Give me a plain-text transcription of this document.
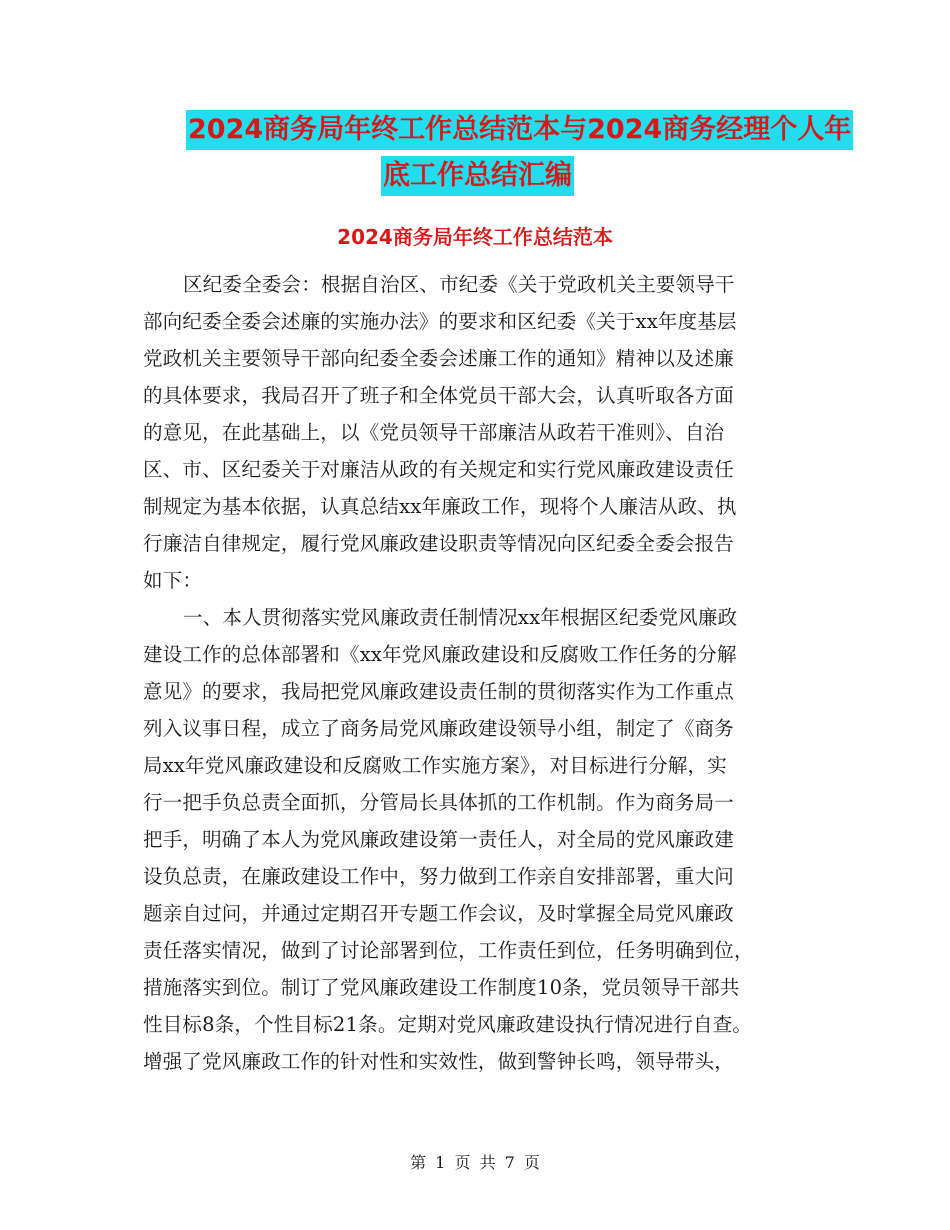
2024商务局年终工作总结范本与2024商务经理个人年
底工作总结汇编
2024商务局年终工作总结范本
区纪委全委会：根据自治区、市纪委《关于党政机关主要领导干
部向纪委全委会述廉的实施办法》的要求和区纪委《关于xx年度基层
党政机关主要领导干部向纪委全委会述廉工作的通知》精神以及述廉
的具体要求，我局召开了班子和全体党员干部大会，认真听取各方面
的意见，在此基础上，以《党员领导干部廉洁从政若干准则》、自治
区、市、区纪委关于对廉洁从政的有关规定和实行党风廉政建设责任
制规定为基本依据，认真总结xx年廉政工作，现将个人廉洁从政、执
行廉洁自律规定，履行党风廉政建设职责等情况向区纪委全委会报告
如下：
一、本人贯彻落实党风廉政责任制情况xx年根据区纪委党风廉政
建设工作的总体部署和《xx年党风廉政建设和反腐败工作任务的分解
意见》的要求，我局把党风廉政建设责任制的贯彻落实作为工作重点
列入议事日程，成立了商务局党风廉政建设领导小组，制定了《商务
局xx年党风廉政建设和反腐败工作实施方案》，对目标进行分解，实
行一把手负总责全面抓，分管局长具体抓的工作机制。作为商务局一
把手，明确了本人为党风廉政建设第一责任人，对全局的党风廉政建
设负总责，在廉政建设工作中，努力做到工作亲自安排部署，重大问
题亲自过问，并通过定期召开专题工作会议，及时掌握全局党风廉政
责任落实情况，做到了讨论部署到位，工作责任到位，任务明确到位，
措施落实到位。制订了党风廉政建设工作制度10条，党员领导干部共
性目标8条，个性目标21条。定期对党风廉政建设执行情况进行自查。
增强了党风廉政工作的针对性和实效性，做到警钟长鸣，领导带头，
第 1 页 共 7 页
